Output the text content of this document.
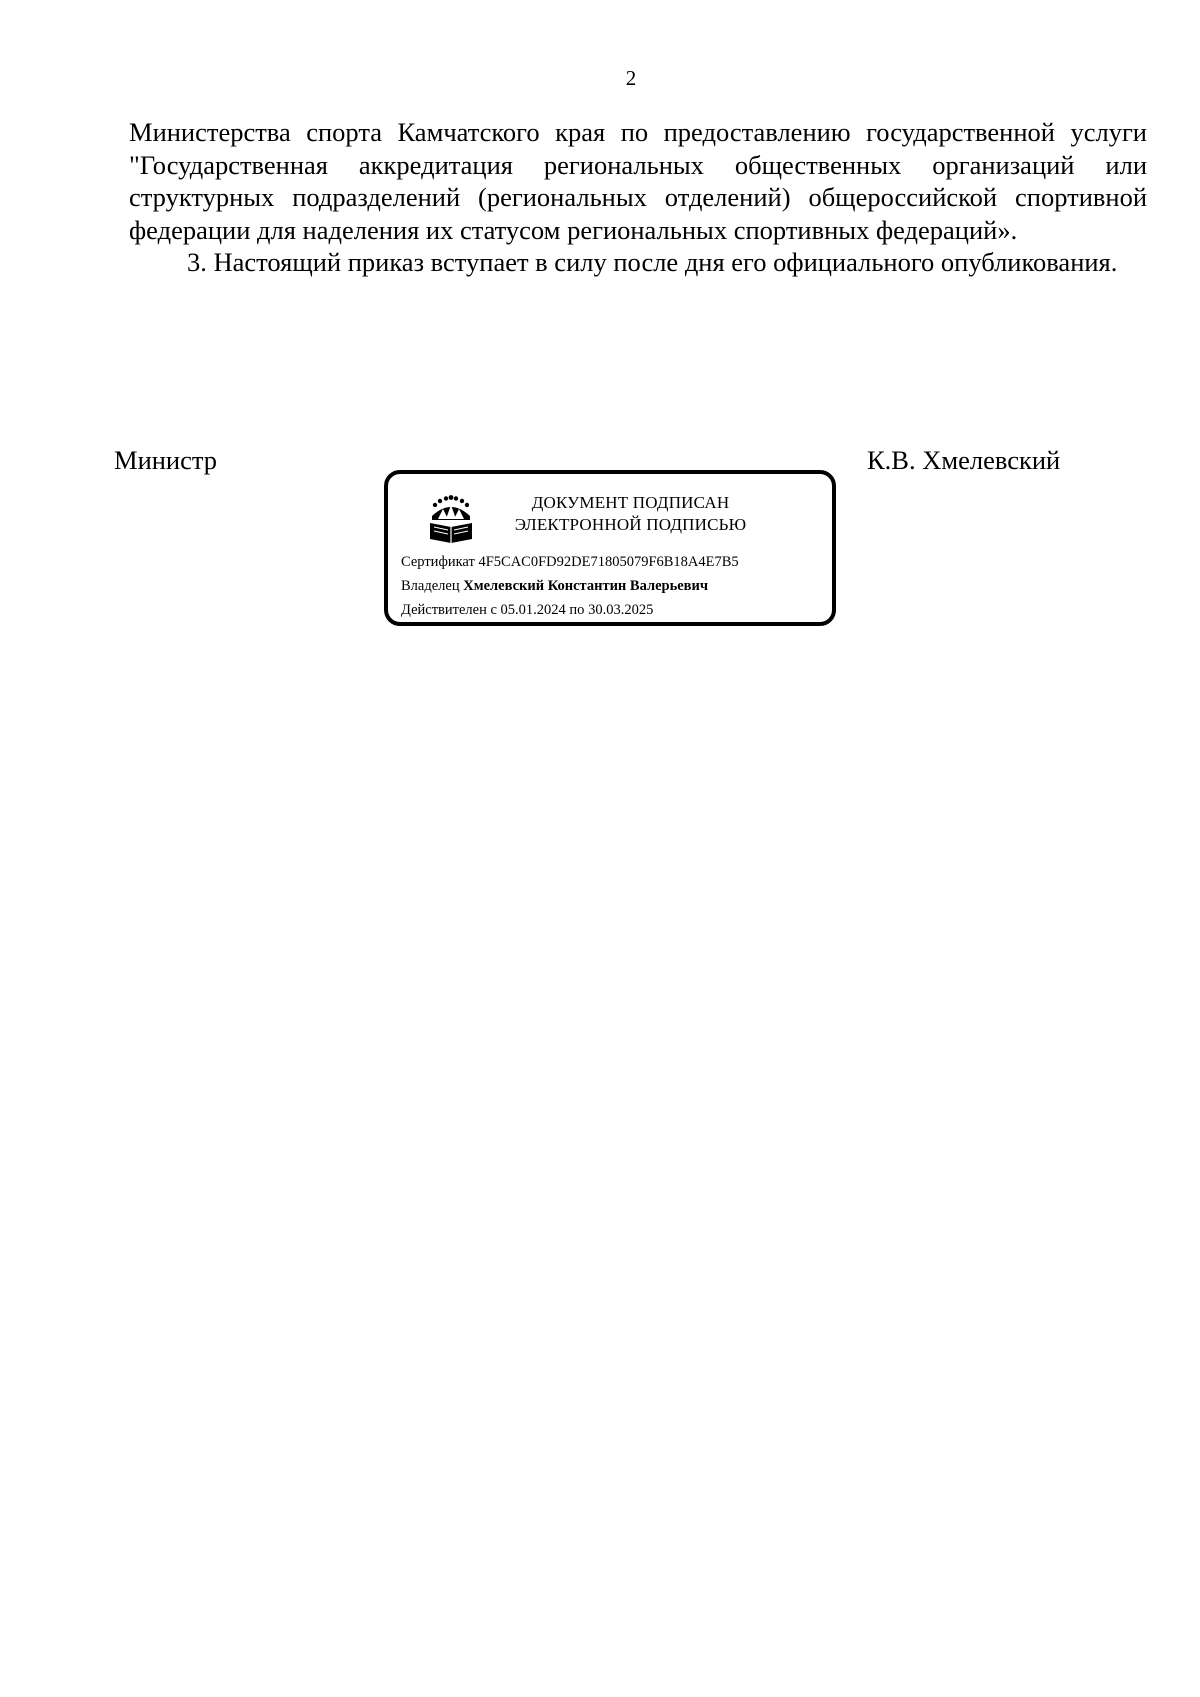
2

Министерства спорта Камчатского края по предоставлению государственной услуги "Государственная аккредитация региональных общественных организаций или структурных подразделений (региональных отделений) общероссийской спортивной федерации для наделения их статусом региональных спортивных федераций».

3. Настоящий приказ вступает в силу после дня его официального опубликования.

Министр	К.В. Хмелевский

ДОКУМЕНТ ПОДПИСАН
ЭЛЕКТРОННОЙ ПОДПИСЬЮ
Сертификат 4F5CAC0FD92DE71805079F6B18A4E7B5
Владелец Хмелевский Константин Валерьевич
Действителен с 05.01.2024 по 30.03.2025
